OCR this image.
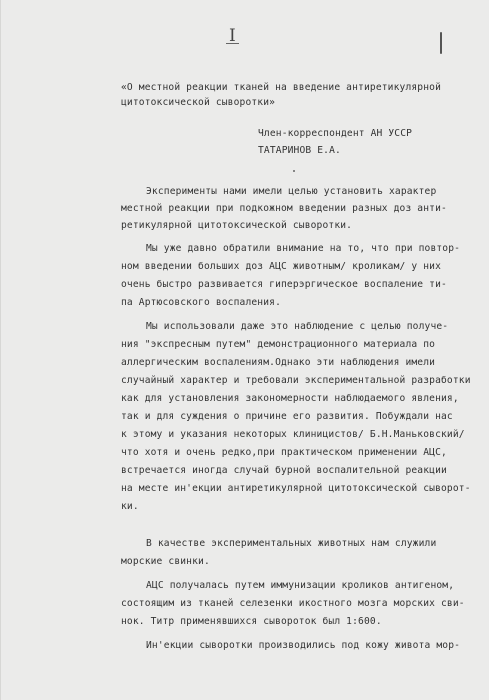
I
«О местной реакции тканей на введение антиретикулярной
цитотоксической сыворотки»
Член-корреспондент АН УССР
ТАТАРИНОВ Е.А.
Эксперименты нами имели целью установить характер
местной реакции при подкожном введении разных доз анти-
ретикулярной цитотоксической сыворотки.
Мы уже давно обратили внимание на то, что при повтор-
ном введении больших доз АЦС животным/ кроликам/ у них
очень быстро развивается гиперэргическое воспаление ти-
па Артюсовского воспаления.
Мы использовали даже это наблюдение с целью получе-
ния "экспресным путем" демонстрационного материала по
аллергическим воспалениям.Однако эти наблюдения имели
случайный характер и требовали экспериментальной разработки
как для установления закономерности наблюдаемого явления,
так и для суждения о причине его развития. Побуждали нас
к этому и указания некоторых клиницистов/ Б.Н.Маньковский/
что хотя и очень редко,при практическом применении АЦС,
встречается иногда случай бурной воспалительной реакции
на месте ин'екции антиретикулярной цитотоксической сыворот-
ки.
В качестве экспериментальных животных нам служили
морские свинки.
АЦС получалась путем иммунизации кроликов антигеном,
состоящим из тканей селезенки икостного мозга морских сви-
нок. Титр применявшихся сывороток был 1:600.
Ин'екции сыворотки производились под кожу живота мор-
